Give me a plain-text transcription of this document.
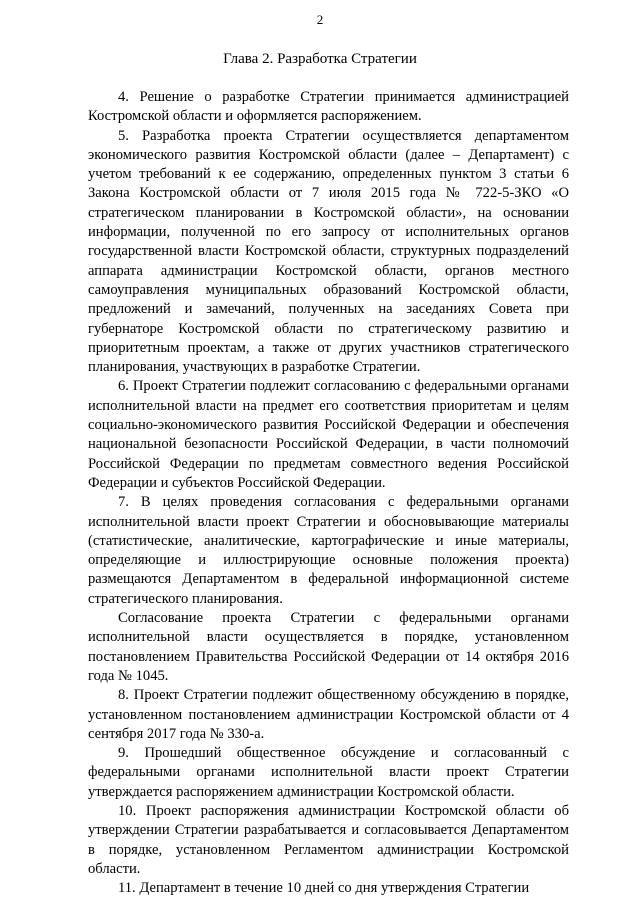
2
Глава 2. Разработка Стратегии

4. Решение о разработке Стратегии принимается администрацией Костромской области и оформляется распоряжением.

5. Разработка проекта Стратегии осуществляется департаментом экономического развития Костромской области (далее – Департамент) с учетом требований к ее содержанию, определенных пунктом 3 статьи 6 Закона Костромской области от 7 июля 2015 года № 722-5-ЗКО «О стратегическом планировании в Костромской области», на основании информации, полученной по его запросу от исполнительных органов государственной власти Костромской области, структурных подразделений аппарата администрации Костромской области, органов местного самоуправления муниципальных образований Костромской области, предложений и замечаний, полученных на заседаниях Совета при губернаторе Костромской области по стратегическому развитию и приоритетным проектам, а также от других участников стратегического планирования, участвующих в разработке Стратегии.

6. Проект Стратегии подлежит согласованию с федеральными органами исполнительной власти на предмет его соответствия приоритетам и целям социально-экономического развития Российской Федерации и обеспечения национальной безопасности Российской Федерации, в части полномочий Российской Федерации по предметам совместного ведения Российской Федерации и субъектов Российской Федерации.

7. В целях проведения согласования с федеральными органами исполнительной власти проект Стратегии и обосновывающие материалы (статистические, аналитические, картографические и иные материалы, определяющие и иллюстрирующие основные положения проекта) размещаются Департаментом в федеральной информационной системе стратегического планирования.

Согласование проекта Стратегии с федеральными органами исполнительной власти осуществляется в порядке, установленном постановлением Правительства Российской Федерации от 14 октября 2016 года № 1045.

8. Проект Стратегии подлежит общественному обсуждению в порядке, установленном постановлением администрации Костромской области от 4 сентября 2017 года № 330-а.

9. Прошедший общественное обсуждение и согласованный с федеральными органами исполнительной власти проект Стратегии утверждается распоряжением администрации Костромской области.

10. Проект распоряжения администрации Костромской области об утверждении Стратегии разрабатывается и согласовывается Департаментом в порядке, установленном Регламентом администрации Костромской области.

11. Департамент в течение 10 дней со дня утверждения Стратегии
